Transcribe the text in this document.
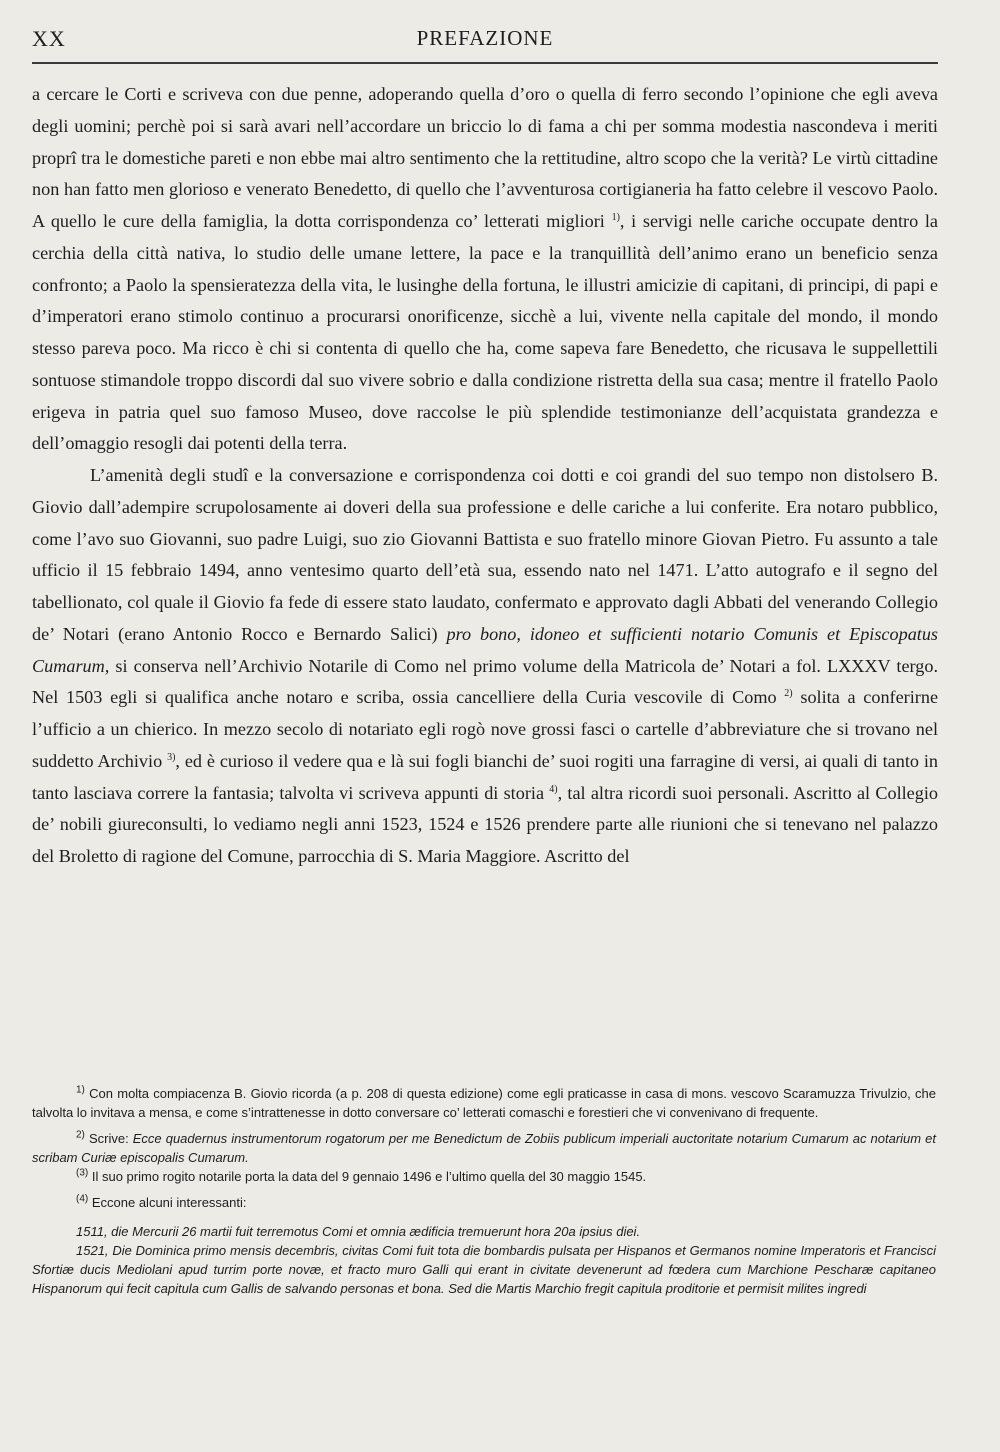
XX	PREFAZIONE

a cercare le Corti e scriveva con due penne, adoperando quella d’oro o quella di ferro secondo l’opinione che egli aveva degli uomini; perchè poi si sarà avari nell’accordare un briccio lo di fama a chi per somma modestia nascondeva i meriti proprî tra le domestiche pareti e non ebbe mai altro sentimento che la rettitudine, altro scopo che la verità? Le virtù cittadine non han fatto men glorioso e venerato Benedetto, di quello che l’avventurosa cortigianeria ha fatto celebre il vescovo Paolo. A quello le cure della famiglia, la dotta corrispondenza co’ letterati migliori $^{1)}$, i servigi nelle cariche occupate dentro la cerchia della città nativa, lo studio delle umane lettere, la pace e la tranquillità dell’animo erano un beneficio senza confronto; a Paolo la spensieratezza della vita, le lusinghe della fortuna, le illustri amicizie di capitani, di principi, di papi e d’imperatori erano stimolo continuo a procurarsi onorificenze, sicchè a lui, vivente nella capitale del mondo, il mondo stesso pareva poco. Ma ricco è chi si contenta di quello che ha, come sapeva fare Benedetto, che ricusava le suppellettili sontuose stimandole troppo discordi dal suo vivere sobrio e dalla condizione ristretta della sua casa; mentre il fratello Paolo erigeva in patria quel suo famoso Museo, dove raccolse le più splendide testimonianze dell’acquistata grandezza e dell’omaggio resogli dai potenti della terra.

L’amenità degli studî e la conversazione e corrispondenza coi dotti e coi grandi del suo tempo non distolsero B. Giovio dall’adempire scrupolosamente ai doveri della sua professione e delle cariche a lui conferite. Era notaro pubblico, come l’avo suo Giovanni, suo padre Luigi, suo zio Giovanni Battista e suo fratello minore Giovan Pietro. Fu assunto a tale ufficio il 15 febbraio 1494, anno ventesimo quarto dell’età sua, essendo nato nel 1471. L’atto autografo e il segno del tabellionato, col quale il Giovio fa fede di essere stato laudato, confermato e approvato dagli Abbati del venerando Collegio de’ Notari (erano Antonio Rocco e Bernardo Salici) pro bono, idoneo et sufficienti notario Comunis et Episcopatus Cumarum, si conserva nell’Archivio Notarile di Como nel primo volume della Matricola de’ Notari a fol. LXXXV tergo. Nel 1503 egli si qualifica anche notaro e scriba, ossia cancelliere della Curia vescovile di Como $^{2)}$ solita a conferirne l’ufficio a un chierico. In mezzo secolo di notariato egli rogò nove grossi fasci o cartelle d’abbreviature che si trovano nel suddetto Archivio $^{3)}$, ed è curioso il vedere qua e là sui fogli bianchi de’ suoi rogiti una farragine di versi, ai quali di tanto in tanto lasciava correre la fantasia; talvolta vi scriveva appunti di storia $^{4)}$, tal altra ricordi suoi personali. Ascritto al Collegio de’ nobili giureconsulti, lo vediamo negli anni 1523, 1524 e 1526 prendere parte alle riunioni che si tenevano nel palazzo del Broletto di ragione del Comune, parrocchia di S. Maria Maggiore. Ascritto del

$^{1)}$ Con molta compiacenza B. Giovio ricorda (a p. 208 di questa edizione) come egli praticasse in casa di mons. vescovo Scaramuzza Trivulzio, che talvolta lo invitava a mensa, e come s’intrattenesse in dotto conversare co’ letterati comaschi e forestieri che vi convenivano di frequente.

$^{2)}$ Scrive: Ecce quadernus instrumentorum rogatorum per me Benedictum de Zobiis publicum imperiali auctoritate notarium Cumarum ac notarium et scribam Curiæ episcopalis Cumarum.

$^{(3)}$ Il suo primo rogito notarile porta la data del 9 gennaio 1496 e l’ultimo quella del 30 maggio 1545.

$^{(4)}$ Eccone alcuni interessanti:

1511, die Mercurii 26 martii fuit terremotus Comi et omnia ædificia tremuerunt hora 20a ipsius diei.

1521, Die Dominica primo mensis decembris, civitas Comi fuit tota die bombardis pulsata per Hispanos et Germanos nomine Imperatoris et Francisci Sfortiæ ducis Mediolani apud turrim porte novæ, et fracto muro Galli qui erant in civitate devenerunt ad fœdera cum Marchione Pescharæ capitaneo Hispanorum qui fecit capitula cum Gallis de salvando personas et bona. Sed die Martis Marchio fregit capitula proditorie et permisit milites ingredi
